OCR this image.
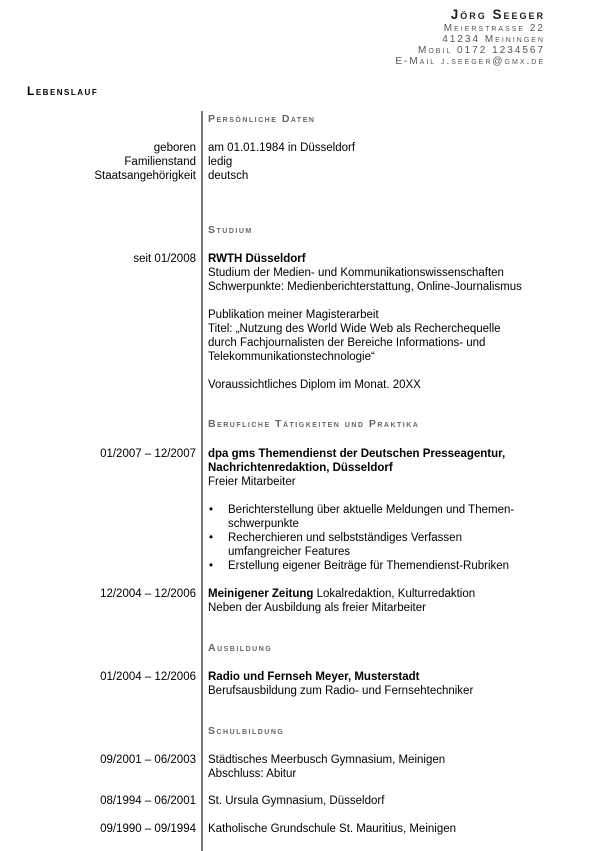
Jörg Seeger
Meierstrasse 22
41234 Meiningen
Mobil 0172 1234567
E-Mail j.seeger@gmx.de
Lebenslauf
Persönliche Daten
geboren am 01.01.1984 in Düsseldorf
Familienstand ledig
Staatsangehörigkeit deutsch
Studium
seit 01/2008 RWTH Düsseldorf
Studium der Medien- und Kommunikationswissenschaften
Schwerpunkte: Medienberichterstattung, Online-Journalismus
Publikation meiner Magisterarbeit
Titel: „Nutzung des World Wide Web als Recherchequelle
durch Fachjournalisten der Bereiche Informations- und
Telekommunikationstechnologie“
Voraussichtliches Diplom im Monat. 20XX
Berufliche Tätigkeiten und Praktika
01/2007 – 12/2007 dpa gms Themendienst der Deutschen Presseagentur,
Nachrichtenredaktion, Düsseldorf
Freier Mitarbeiter
• Berichterstellung über aktuelle Meldungen und Themen-schwerpunkte
• Recherchieren und selbstständiges Verfassen umfangreicher Features
• Erstellung eigener Beiträge für Themendienst-Rubriken
12/2004 – 12/2006 Meinigener Zeitung Lokalredaktion, Kulturredaktion
Neben der Ausbildung als freier Mitarbeiter
Ausbildung
01/2004 – 12/2006 Radio und Fernseh Meyer, Musterstadt
Berufsausbildung zum Radio- und Fernsehtechniker
Schulbildung
09/2001 – 06/2003 Städtisches Meerbusch Gymnasium, Meinigen
Abschluss: Abitur
08/1994 – 06/2001 St. Ursula Gymnasium, Düsseldorf
09/1990 – 09/1994 Katholische Grundschule St. Mauritius, Meinigen
